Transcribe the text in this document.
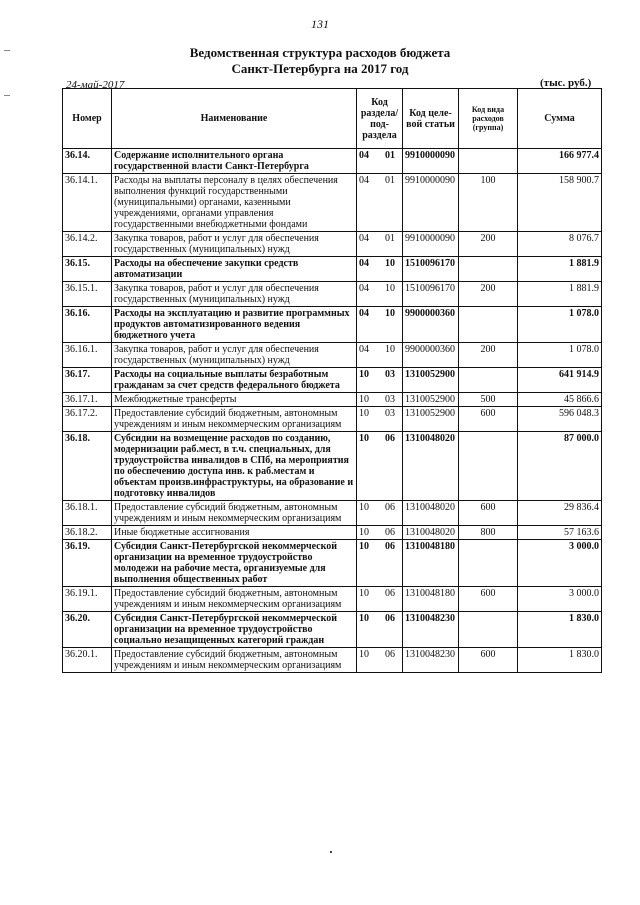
131
Ведомственная структура расходов бюджета
Санкт-Петербурга на 2017 год
24-май-2017	(тыс. руб.)
Номер	Наименование	Код раздела/ под-раздела	Код целе-вой статьи	Код вида расходов (группа)	Сумма
36.14.	Содержание исполнительного органа государственной власти Санкт-Петербурга	04 01	9910000090		166 977.4
36.14.1.	Расходы на выплаты персоналу в целях обеспечения выполнения функций государственными (муниципальными) органами, казенными учреждениями, органами управления государственными внебюджетными фондами	04 01	9910000090	100	158 900.7
36.14.2.	Закупка товаров, работ и услуг для обеспечения государственных (муниципальных) нужд	04 01	9910000090	200	8 076.7
36.15.	Расходы на обеспечение закупки средств автоматизации	04 10	1510096170		1 881.9
36.15.1.	Закупка товаров, работ и услуг для обеспечения государственных (муниципальных) нужд	04 10	1510096170	200	1 881.9
36.16.	Расходы на эксплуатацию и развитие программных продуктов автоматизированного ведения бюджетного учета	04 10	9900000360		1 078.0
36.16.1.	Закупка товаров, работ и услуг для обеспечения государственных (муниципальных) нужд	04 10	9900000360	200	1 078.0
36.17.	Расходы на социальные выплаты безработным гражданам за счет средств федерального бюджета	10 03	1310052900		641 914.9
36.17.1.	Межбюджетные трансферты	10 03	1310052900	500	45 866.6
36.17.2.	Предоставление субсидий бюджетным, автономным учреждениям и иным некоммерческим организациям	10 03	1310052900	600	596 048.3
36.18.	Субсидии на возмещение расходов по созданию, модернизации раб.мест, в т.ч. специальных, для трудоустройства инвалидов в СПб, на мероприятия по обеспечению доступа инв. к раб.местам и объектам произв.инфраструктуры, на образование и подготовку инвалидов	10 06	1310048020		87 000.0
36.18.1.	Предоставление субсидий бюджетным, автономным учреждениям и иным некоммерческим организациям	10 06	1310048020	600	29 836.4
36.18.2.	Иные бюджетные ассигнования	10 06	1310048020	800	57 163.6
36.19.	Субсидия Санкт-Петербургской некоммерческой организации на временное трудоустройство молодежи на рабочие места, организуемые для выполнения общественных работ	10 06	1310048180		3 000.0
36.19.1.	Предоставление субсидий бюджетным, автономным учреждениям и иным некоммерческим организациям	10 06	1310048180	600	3 000.0
36.20.	Субсидия Санкт-Петербургской некоммерческой организации на временное трудоустройство социально незащищенных категорий граждан	10 06	1310048230		1 830.0
36.20.1.	Предоставление субсидий бюджетным, автономным учреждениям и иным некоммерческим организациям	10 06	1310048230	600	1 830.0
